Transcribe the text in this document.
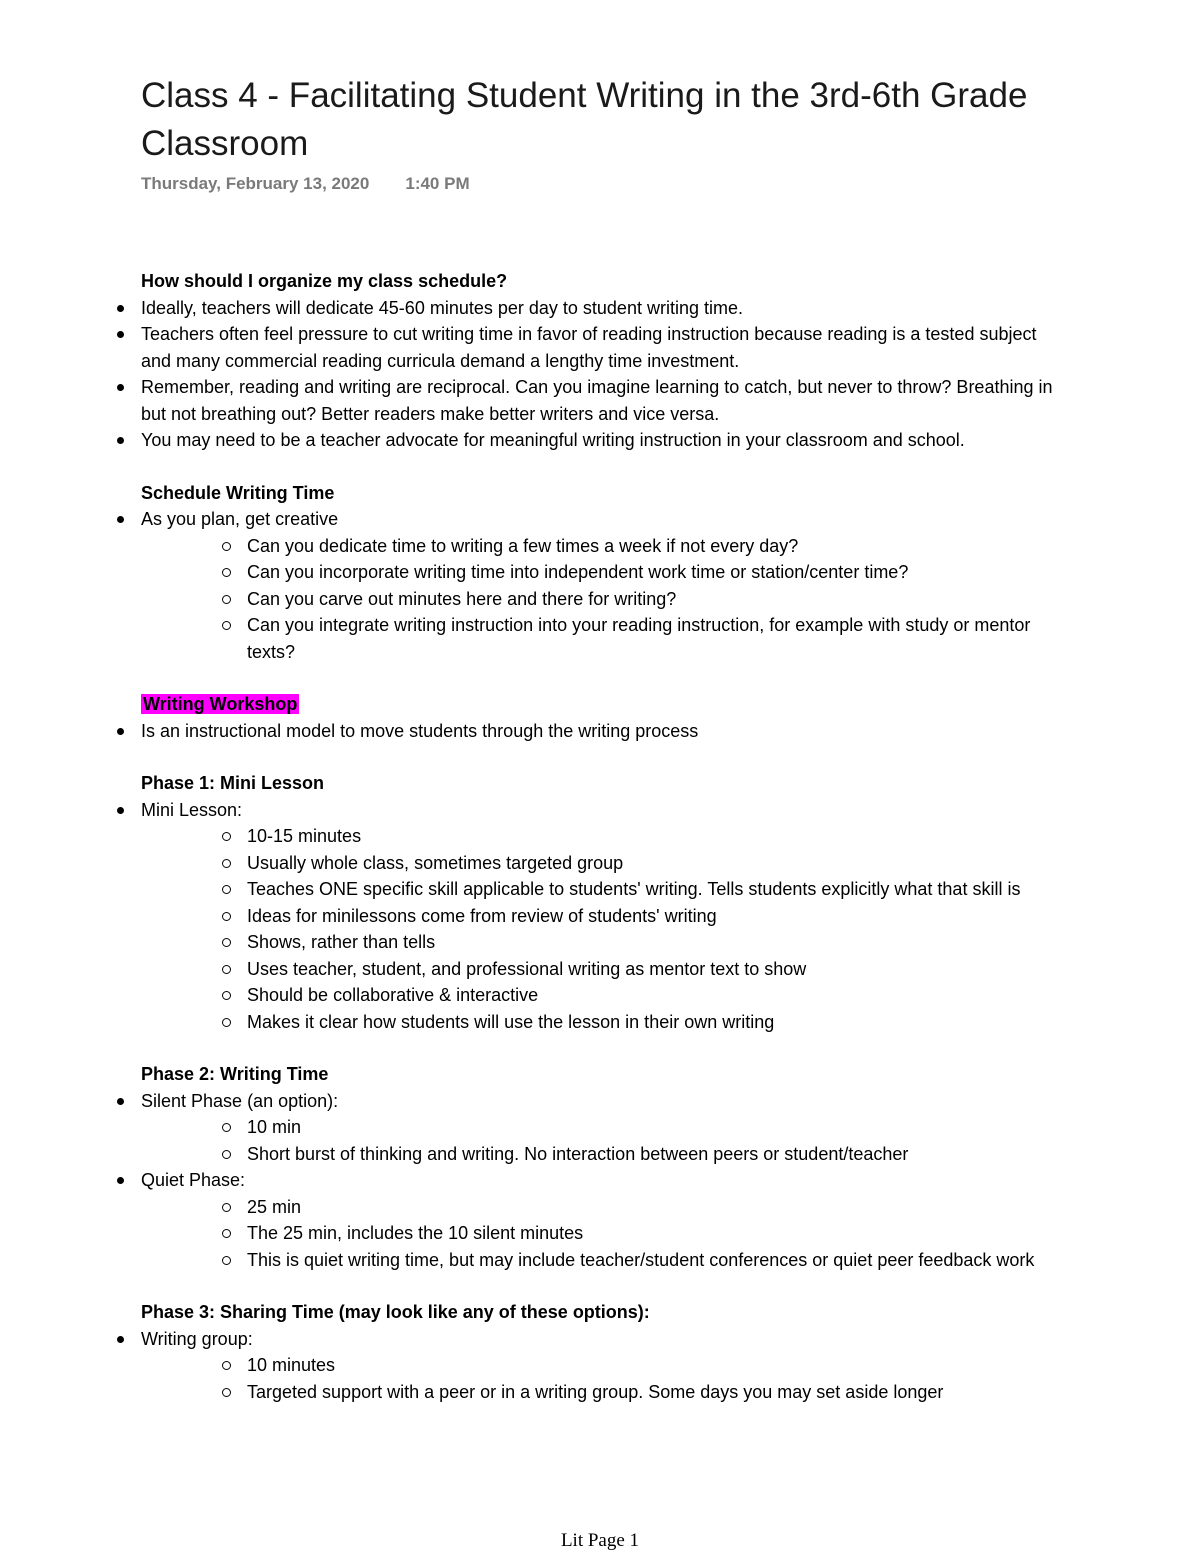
Class 4 - Facilitating Student Writing in the 3rd-6th Grade Classroom
Thursday, February 13, 2020 1:40 PM
How should I organize my class schedule?
Ideally, teachers will dedicate 45-60 minutes per day to student writing time.
Teachers often feel pressure to cut writing time in favor of reading instruction because reading is a tested subject and many commercial reading curricula demand a lengthy time investment.
Remember, reading and writing are reciprocal. Can you imagine learning to catch, but never to throw? Breathing in but not breathing out? Better readers make better writers and vice versa.
You may need to be a teacher advocate for meaningful writing instruction in your classroom and school.
Schedule Writing Time
As you plan, get creative
Can you dedicate time to writing a few times a week if not every day?
Can you incorporate writing time into independent work time or station/center time?
Can you carve out minutes here and there for writing?
Can you integrate writing instruction into your reading instruction, for example with study or mentor texts?
Writing Workshop
Is an instructional model to move students through the writing process
Phase 1: Mini Lesson
Mini Lesson:
10-15 minutes
Usually whole class, sometimes targeted group
Teaches ONE specific skill applicable to students' writing. Tells students explicitly what that skill is
Ideas for minilessons come from review of students' writing
Shows, rather than tells
Uses teacher, student, and professional writing as mentor text to show
Should be collaborative & interactive
Makes it clear how students will use the lesson in their own writing
Phase 2: Writing Time
Silent Phase (an option):
10 min
Short burst of thinking and writing. No interaction between peers or student/teacher
Quiet Phase:
25 min
The 25 min, includes the 10 silent minutes
This is quiet writing time, but may include teacher/student conferences or quiet peer feedback work
Phase 3: Sharing Time (may look like any of these options):
Writing group:
10 minutes
Targeted support with a peer or in a writing group. Some days you may set aside longer
Lit Page 1
